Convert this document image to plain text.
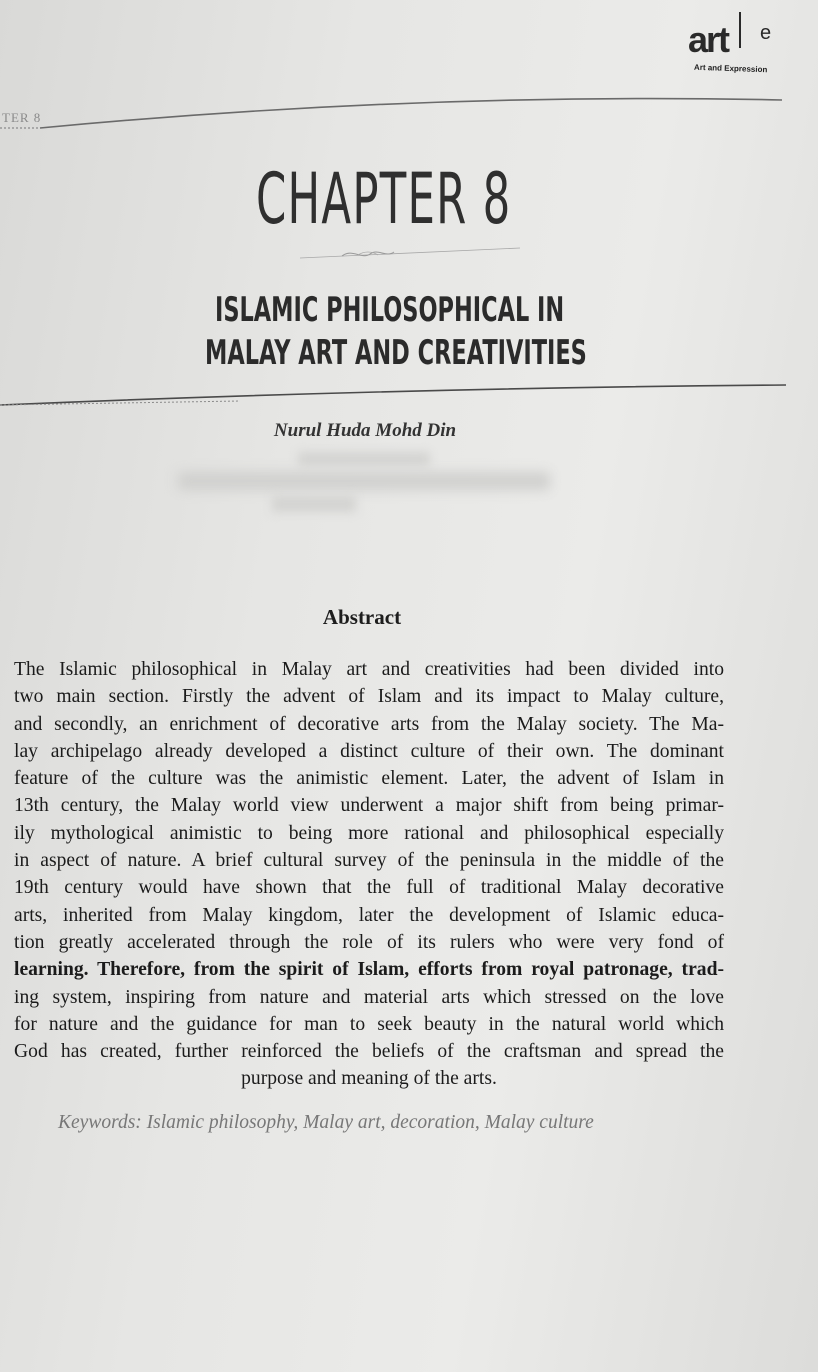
art e
Art and Expression
TER 8
CHAPTER 8
ISLAMIC PHILOSOPHICAL IN
MALAY ART AND CREATIVITIES
Nurul Huda Mohd Din
Abstract
The Islamic philosophical in Malay art and creativities had been divided into
two main section. Firstly the advent of Islam and its impact to Malay culture,
and secondly, an enrichment of decorative arts from the Malay society. The Ma-
lay archipelago already developed a distinct culture of their own. The dominant
feature of the culture was the animistic element. Later, the advent of Islam in
13th century, the Malay world view underwent a major shift from being primar-
ily mythological animistic to being more rational and philosophical especially
in aspect of nature. A brief cultural survey of the peninsula in the middle of the
19th century would have shown that the full of traditional Malay decorative
arts, inherited from Malay kingdom, later the development of Islamic educa-
tion greatly accelerated through the role of its rulers who were very fond of
learning. Therefore, from the spirit of Islam, efforts from royal patronage, trad-
ing system, inspiring from nature and material arts which stressed on the love
for nature and the guidance for man to seek beauty in the natural world which
God has created, further reinforced the beliefs of the craftsman and spread the
purpose and meaning of the arts.
Keywords: Islamic philosophy, Malay art, decoration, Malay culture
